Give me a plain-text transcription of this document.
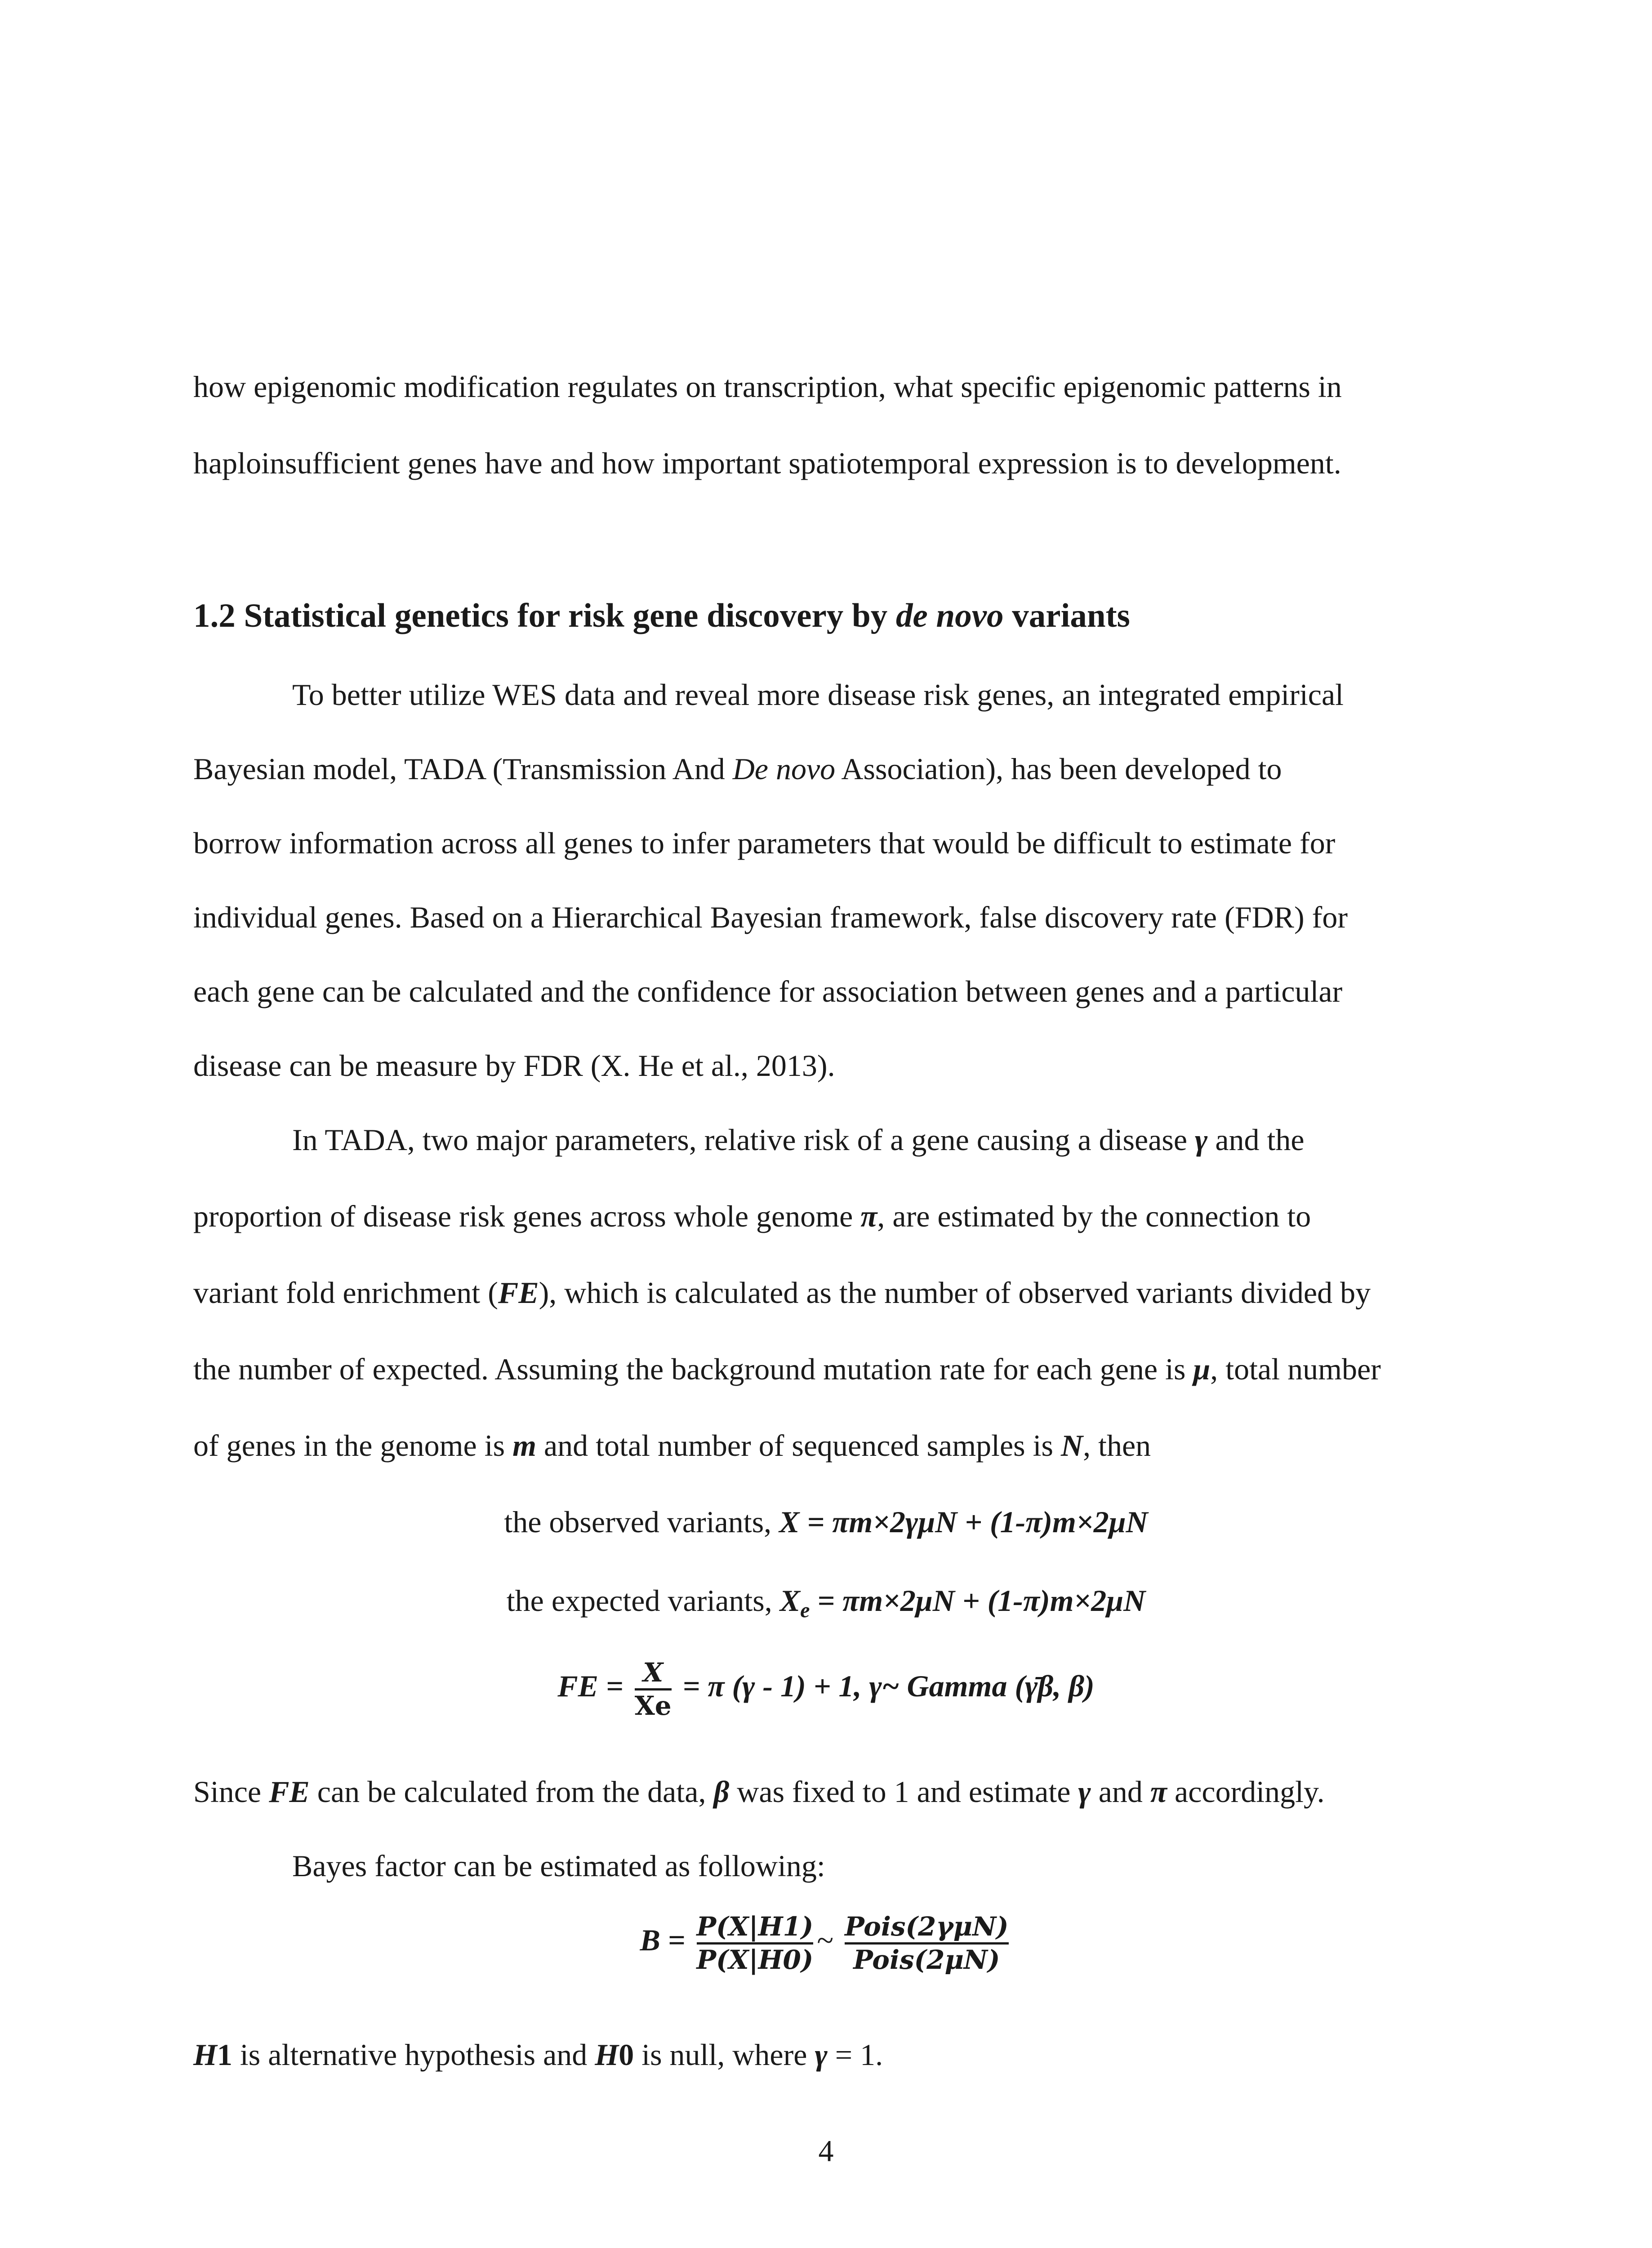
how epigenomic modification regulates on transcription, what specific epigenomic patterns in
haploinsufficient genes have and how important spatiotemporal expression is to development.
1.2 Statistical genetics for risk gene discovery by de novo variants
To better utilize WES data and reveal more disease risk genes, an integrated empirical
Bayesian model, TADA (Transmission And De novo Association), has been developed to
borrow information across all genes to infer parameters that would be difficult to estimate for
individual genes. Based on a Hierarchical Bayesian framework, false discovery rate (FDR) for
each gene can be calculated and the confidence for association between genes and a particular
disease can be measure by FDR (X. He et al., 2013).
In TADA, two major parameters, relative risk of a gene causing a disease γ and the
proportion of disease risk genes across whole genome π, are estimated by the connection to
variant fold enrichment (FE), which is calculated as the number of observed variants divided by
the number of expected. Assuming the background mutation rate for each gene is μ, total number
of genes in the genome is m and total number of sequenced samples is N, then
the observed variants, X = πm×2γμN + (1-π)m×2μN
the expected variants, $X_e = \pi m\times 2\mu N + (1-\pi)m\times 2\mu N$
FE = X
Xe
= π (γ - 1) + 1, γ~ Gamma (γ̄β, β)
Since FE can be calculated from the data, β was fixed to 1 and estimate γ and π accordingly.
Bayes factor can be estimated as following:
B = P(X|H1)
P(X|H0)
~ Pois(2γμN)
Pois(2μN)
H1 is alternative hypothesis and H0 is null, where γ = 1.
4
